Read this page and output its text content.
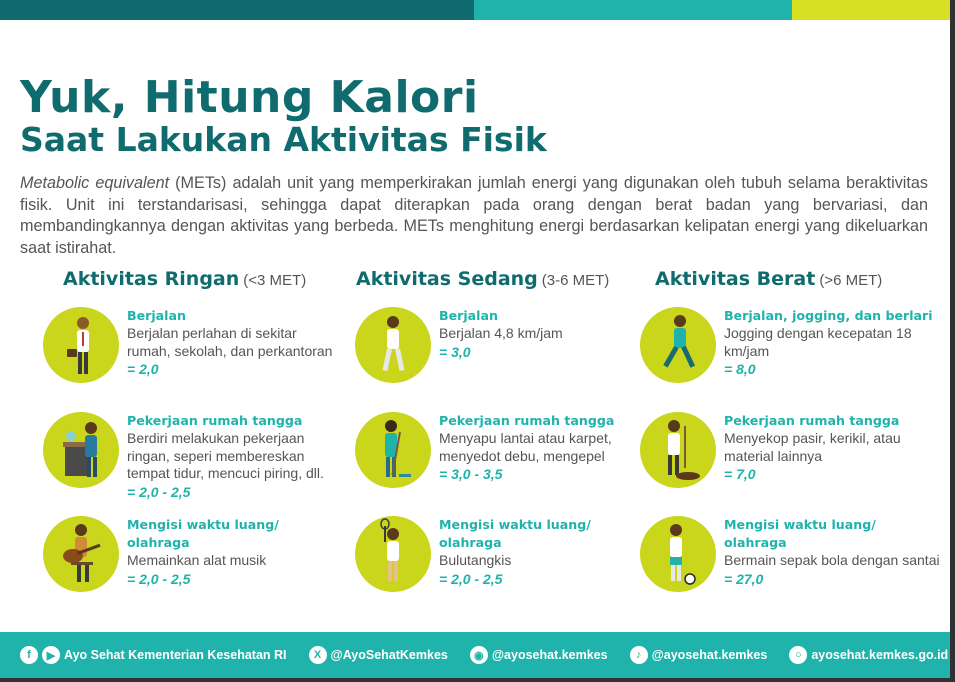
Yuk, Hitung Kalori
Saat Lakukan Aktivitas Fisik

Metabolic equivalent (METs) adalah unit yang memperkirakan jumlah energi yang digunakan oleh tubuh selama beraktivitas fisik. Unit ini terstandarisasi, sehingga dapat diterapkan pada orang dengan berat badan yang bervariasi, dan membandingkannya dengan aktivitas yang berbeda. METs menghitung energi berdasarkan kelipatan energi yang dikeluarkan saat istirahat.

Aktivitas Ringan (<3 MET)	Aktivitas Sedang (3-6 MET) Aktivitas Berat (>6 MET)
Berjalan
Berjalan perlahan di sekitar rumah, sekolah, dan perkantoran
= 2,0
Pekerjaan rumah tangga
Berdiri melakukan pekerjaan ringan, seperi membereskan tempat tidur, mencuci piring, dll.
= 2,0 - 2,5
Mengisi waktu luang/ olahraga
Memainkan alat musik
= 2,0 - 2,5
Berjalan
Berjalan 4,8 km/jam
= 3,0
Pekerjaan rumah tangga
Menyapu lantai atau karpet, menyedot debu, mengepel
= 3,0 - 3,5
Mengisi waktu luang/ olahraga
Bulutangkis
= 2,0 - 2,5
Berjalan, jogging, dan berlari
Jogging dengan kecepatan 18 km/jam
= 8,0
Pekerjaan rumah tangga
Menyekop pasir, kerikil, atau material lainnya
= 7,0
Mengisi waktu luang/ olahraga
Bermain sepak bola dengan santai
= 27,0
f	▶ Ayo Sehat Kementerian Kesehatan RI	X @AyoSehatKemkes	◉ @ayosehat.kemkes	♪ @ayosehat.kemkes	○ ayosehat.kemkes.go.id
